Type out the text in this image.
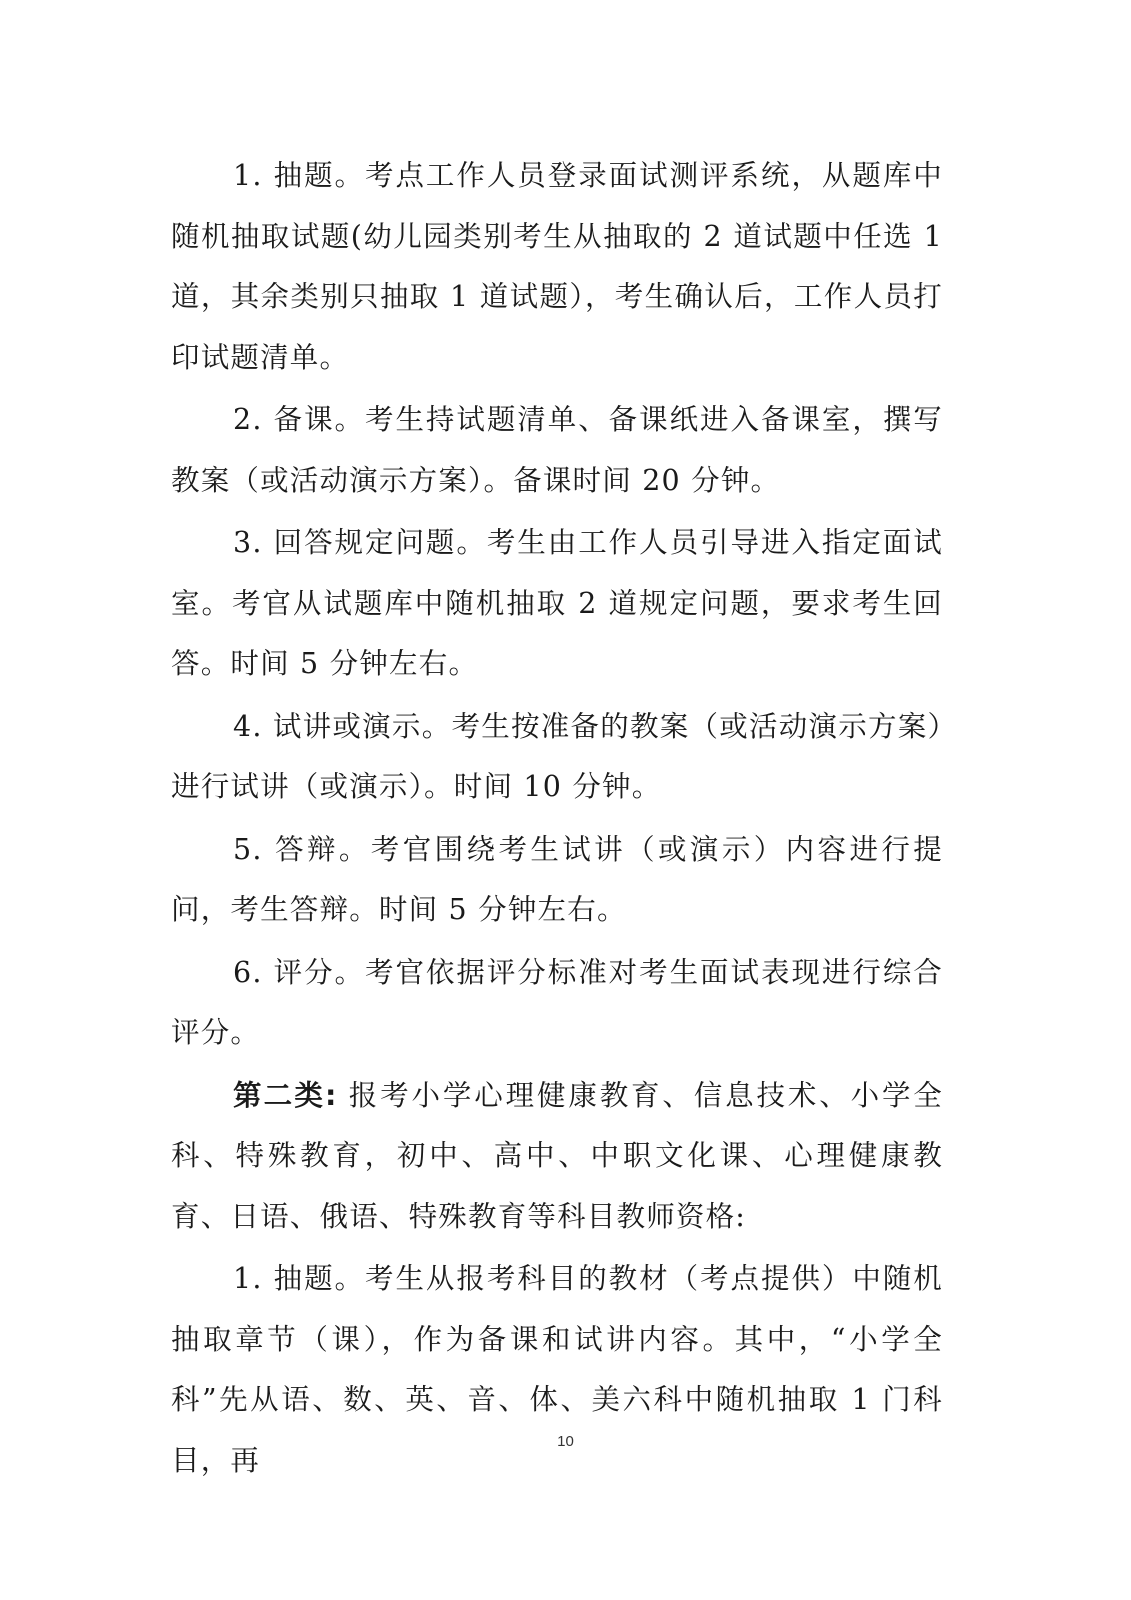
1. 抽题。考点工作人员登录面试测评系统，从题库中随机抽取试题(幼儿园类别考生从抽取的 2 道试题中任选 1 道，其余类别只抽取 1 道试题），考生确认后，工作人员打印试题清单。

2. 备课。考生持试题清单、备课纸进入备课室，撰写教案（或活动演示方案）。备课时间 20 分钟。

3. 回答规定问题。考生由工作人员引导进入指定面试室。考官从试题库中随机抽取 2 道规定问题，要求考生回答。时间 5 分钟左右。

4. 试讲或演示。考生按准备的教案（或活动演示方案）进行试讲（或演示）。时间 10 分钟。

5. 答辩。考官围绕考生试讲（或演示）内容进行提问，考生答辩。时间 5 分钟左右。

6. 评分。考官依据评分标准对考生面试表现进行综合评分。

第二类: 报考小学心理健康教育、信息技术、小学全科、特殊教育，初中、高中、中职文化课、心理健康教育、日语、俄语、特殊教育等科目教师资格:

1. 抽题。考生从报考科目的教材（考点提供）中随机抽取章节（课），作为备课和试讲内容。其中，“小学全科”先从语、数、英、音、体、美六科中随机抽取 1 门科目，再

10
